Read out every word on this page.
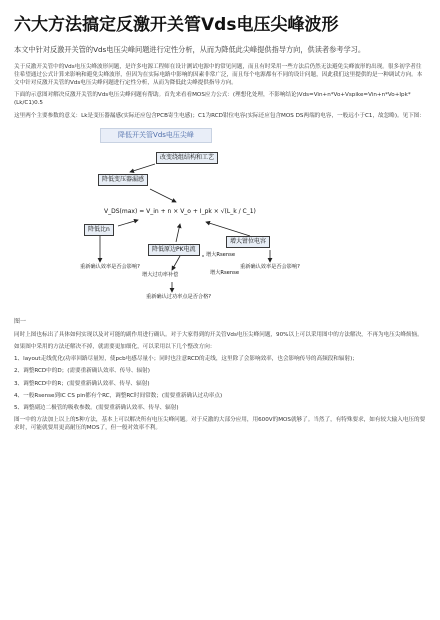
六大方法搞定反激开关管Vds电压尖峰波形
本文中针对反激开关管的Vds电压尖峰问题进行定性分析，从而为降低此尖峰提供指导方向，供读者参考学习。

关于反激开关管中的Vds电压尖峰波形问题，是许多电源工程师在设计测试电源中的常见问题，而且有时采用一些方法后仍然无法避免尖峰波形的出现。很多初学者往往希望通过公式计算来影响和避免尖峰波形，但因为在实际电路中影响的因素非常广泛，而且每个电源都有不同的设计问题，因此我们这里提供的是一种调试方向。本文中针对反激开关管的Vds电压尖峰问题进行定性分析，从而为降低此尖峰提供指导方向。

下面的示意图对解决反激开关管的Vds电压尖峰问题有帮助。首先来看看MOS应力公式：(理想化处理，不影响结论)Vds=Vin+n*Vo+Vspike=Vin+n*Vo+Ipk*(Lk/C1)0.5

这里两个主要参数的意义：Lk是变压器漏感(实际还应包含PCB寄生电感)；C1为RCD钳位电容(实际还应包含MOS DS两端的电容，一般远小于C1，故忽略)。见下图：

降低开关管Vds电压尖峰
改变绕组结构和工艺
降低变压器漏感
V_DS(max) = V_in + n × V_o + I_pk × √(L_k / C_1)
降低比n
降低原边PK电流
增大钳位电容
增大Rsense
重新确认效率是否会影响?
增大过功率补偿	增大Rsense
重新确认效率是否会影响?
重新确认过功率点是否合格?
图一

同时上图也标出了具体如何实现以及对可能的副作用进行确认。对于大家得到的开关管Vds电压尖峰问题，90%以上可以采用图中的方法解决，不再为电压尖峰烦恼。

如果图中采用的方法还解决不掉，就需要更加细化，可以采用以下几个整改方向：

1、layout走线优化(功率回路尽量短，使pcb电感尽量小；同时也注意RCD的走线，这里除了会影响效率，也会影响传导的高频段和辐射)；

2、调整RCD中的D；(需要重新确认效率、传导、辐射)

3、调整RCD中的R；(需要重新确认效率、传导、辐射)

4、一般Rsense到IC CS pin都有个RC，调整RC时间常数；(需要重新确认过功率点)

5、调整副边二极管的吸收参数。(需要重新确认效率、传导、辐射)

图一中的方法加上以上的5种方法，基本上可以解决所有电压尖峰问题。对于反激的大部分应用，用600V的MOS就够了。当然了，有特殊要求，如有较大输入电压的要求时，可能就要用更高耐压的MOS了，但一般对效率不利。
